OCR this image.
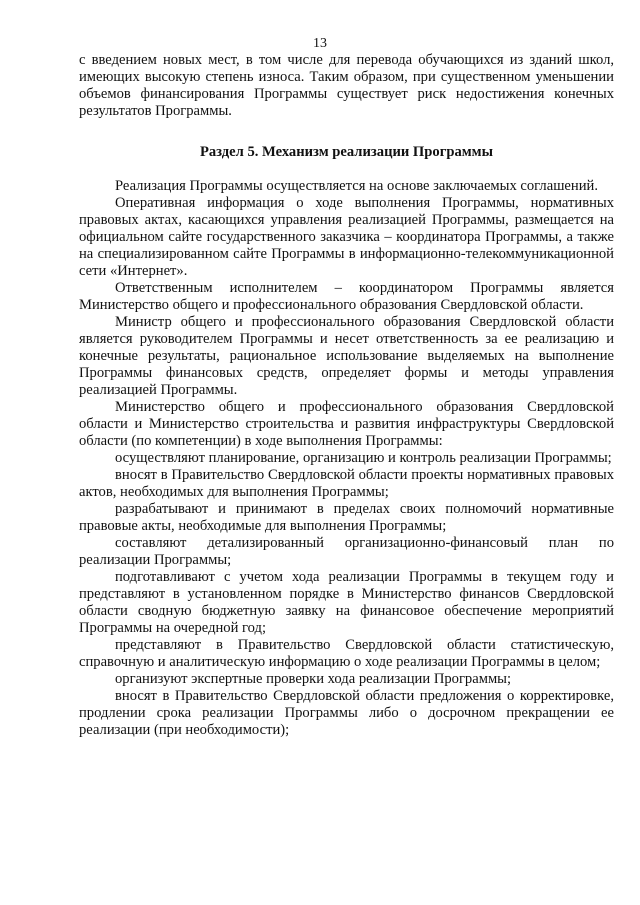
13

с введением новых мест, в том числе для перевода обучающихся из зданий школ, имеющих высокую степень износа. Таким образом, при существенном уменьшении объемов финансирования Программы существует риск недостижения конечных результатов Программы.

Раздел 5. Механизм реализации Программы

Реализация Программы осуществляется на основе заключаемых соглашений.

Оперативная информация о ходе выполнения Программы, нормативных правовых актах, касающихся управления реализацией Программы, размещается на официальном сайте государственного заказчика – координатора Программы, а также на специализированном сайте Программы в информационно-телекоммуникационной сети «Интернет».

Ответственным исполнителем – координатором Программы является Министерство общего и профессионального образования Свердловской области.

Министр общего и профессионального образования Свердловской области является руководителем Программы и несет ответственность за ее реализацию и конечные результаты, рациональное использование выделяемых на выполнение Программы финансовых средств, определяет формы и методы управления реализацией Программы.

Министерство общего и профессионального образования Свердловской области и Министерство строительства и развития инфраструктуры Свердловской области (по компетенции) в ходе выполнения Программы:

осуществляют планирование, организацию и контроль реализации Программы;

вносят в Правительство Свердловской области проекты нормативных правовых актов, необходимых для выполнения Программы;

разрабатывают и принимают в пределах своих полномочий нормативные правовые акты, необходимые для выполнения Программы;

составляют детализированный организационно-финансовый план по реализации Программы;

подготавливают с учетом хода реализации Программы в текущем году и представляют в установленном порядке в Министерство финансов Свердловской области сводную бюджетную заявку на финансовое обеспечение мероприятий Программы на очередной год;

представляют в Правительство Свердловской области статистическую, справочную и аналитическую информацию о ходе реализации Программы в целом;

организуют экспертные проверки хода реализации Программы;

вносят в Правительство Свердловской области предложения о корректировке, продлении срока реализации Программы либо о досрочном прекращении ее реализации (при необходимости);
